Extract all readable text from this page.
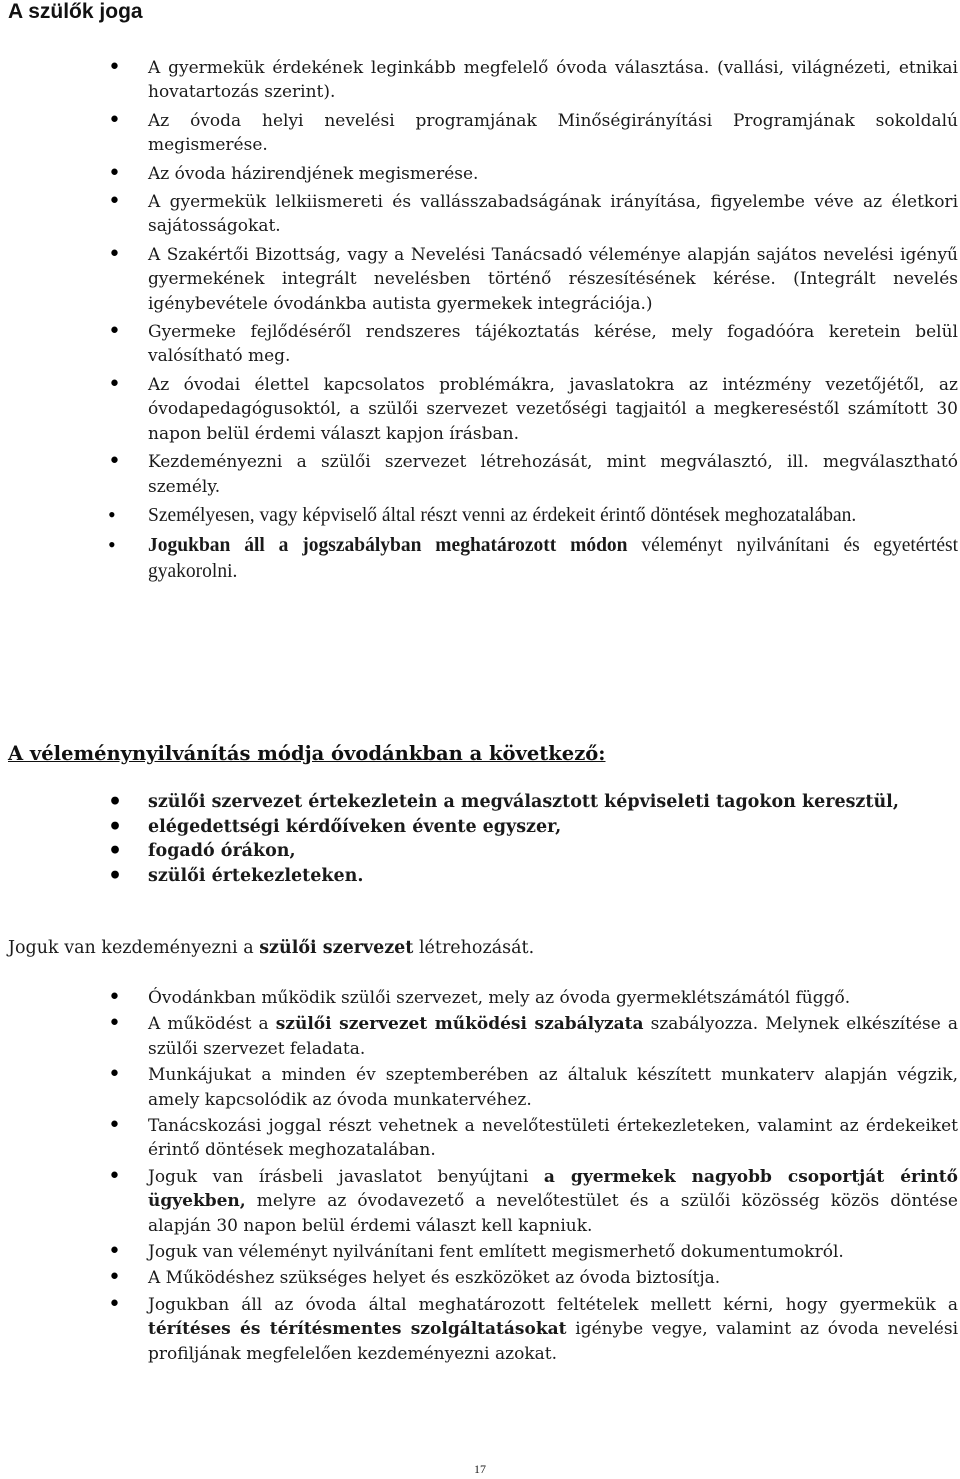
A szülők joga
• A gyermekük érdekének leginkább megfelelő óvoda választása. (vallási, világnézeti, etnikai hovatartozás szerint).
• Az óvoda helyi nevelési programjának Minőségirányítási Programjának sokoldalú megismerése.
• Az óvoda házirendjének megismerése.
• A gyermekük lelkiismereti és vallásszabadságának irányítása, figyelembe véve az életkori sajátosságokat.
• A Szakértői Bizottság, vagy a Nevelési Tanácsadó véleménye alapján sajátos nevelési igényű gyermekének integrált nevelésben történő részesítésének kérése. (Integrált nevelés igénybevétele óvodánkba autista gyermekek integrációja.)
• Gyermeke fejlődéséről rendszeres tájékoztatás kérése, mely fogadóóra keretein belül valósítható meg.
• Az óvodai élettel kapcsolatos problémákra, javaslatokra az intézmény vezetőjétől, az óvodapedagógusoktól, a szülői szervezet vezetőségi tagjaitól a megkereséstől számított 30 napon belül érdemi választ kapjon írásban.
• Kezdeményezni a szülői szervezet létrehozását, mint megválasztó, ill. megválasztható személy.
• Személyesen, vagy képviselő által részt venni az érdekeit érintő döntések meghozatalában.
• Jogukban áll a jogszabályban meghatározott módon véleményt nyilvánítani és egyetértést gyakorolni.
A véleménynyilvánítás módja óvodánkban a következő:
• szülői szervezet értekezletein a megválasztott képviseleti tagokon keresztül,
• elégedettségi kérdőíveken évente egyszer,
• fogadó órákon,
• szülői értekezleteken.

Joguk van kezdeményezni a szülői szervezet létrehozását.

• Óvodánkban működik szülői szervezet, mely az óvoda gyermeklétszámától függő.
• A működést a szülői szervezet működési szabályzata szabályozza. Melynek elkészítése a szülői szervezet feladata.
• Munkájukat a minden év szeptemberében az általuk készített munkaterv alapján végzik, amely kapcsolódik az óvoda munkatervéhez.
• Tanácskozási joggal részt vehetnek a nevelőtestületi értekezleteken, valamint az érdekeiket érintő döntések meghozatalában.
• Joguk van írásbeli javaslatot benyújtani a gyermekek nagyobb csoportját érintő ügyekben, melyre az óvodavezető a nevelőtestület és a szülői közösség közös döntése alapján 30 napon belül érdemi választ kell kapniuk.
• Joguk van véleményt nyilvánítani fent említett megismerhető dokumentumokról.
• A Működéshez szükséges helyet és eszközöket az óvoda biztosítja.
• Jogukban áll az óvoda által meghatározott feltételek mellett kérni, hogy gyermekük a térítéses és térítésmentes szolgáltatásokat igénybe vegye, valamint az óvoda nevelési profiljának megfelelően kezdeményezni azokat.
17
